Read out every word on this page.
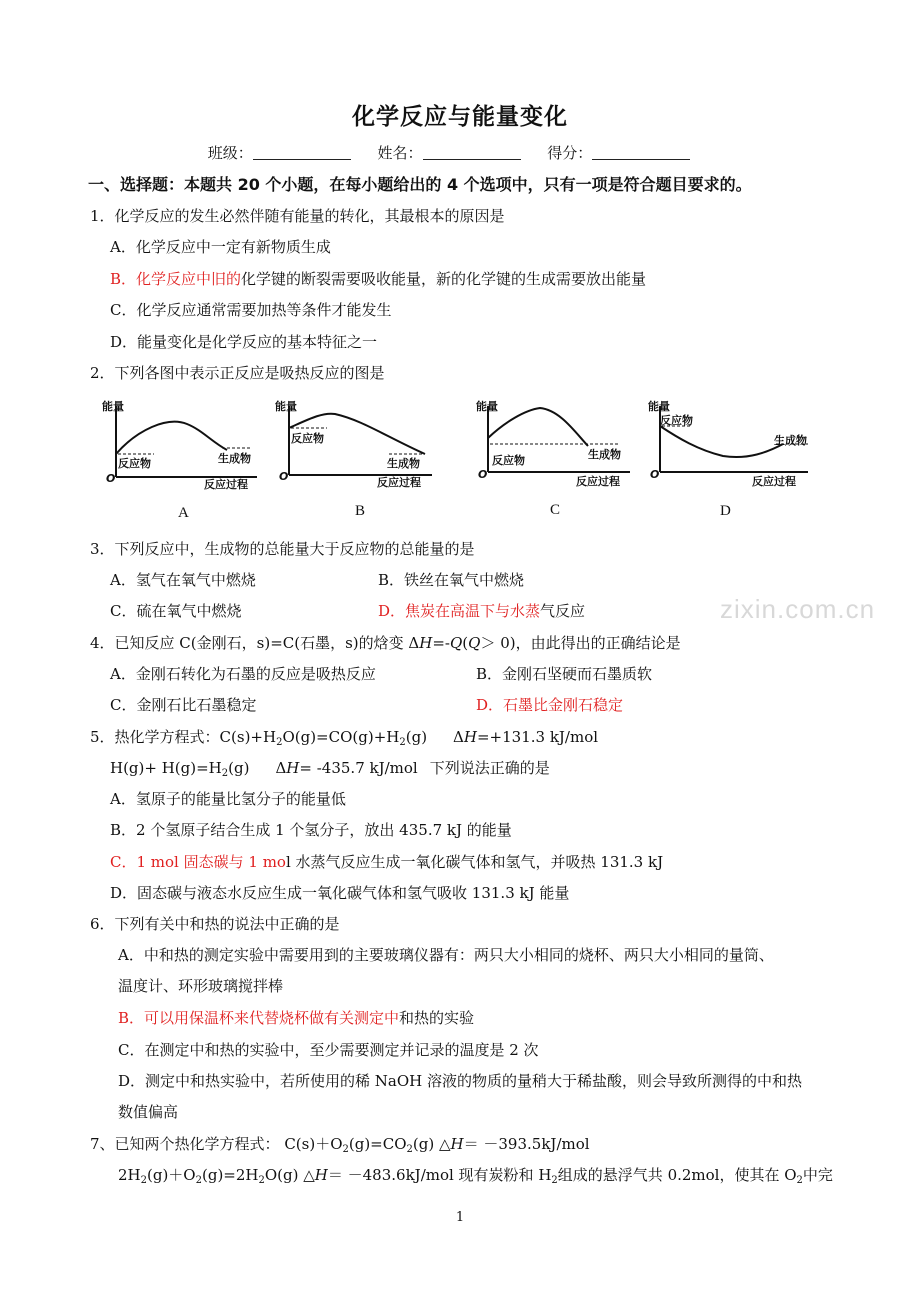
化学反应与能量变化
班级：	姓名：	得分：
一、选择题：本题共 20 个小题，在每小题给出的 4 个选项中，只有一项是符合题目要求的。
1．化学反应的发生必然伴随有能量的转化，其最根本的原因是
A．化学反应中一定有新物质生成
B．化学反应中旧的化学键的断裂需要吸收能量，新的化学键的生成需要放出能量
C．化学反应通常需要加热等条件才能发生
D．能量变化是化学反应的基本特征之一
2．下列各图中表示正反应是吸热反应的图是
能量
反应物	生成物
O	反应过程
A
能量
反应物
生成物
O	反应过程
B
能量
反应物	生成物
O
反应过程
C
能量
反应物
生成物
O
反应过程
D
3．下列反应中，生成物的总能量大于反应物的总能量的是
A．氢气在氧气中燃烧	B．铁丝在氧气中燃烧
C．硫在氧气中燃烧	D．焦炭在高温下与水蒸气反应	zixin.com.cn
4．已知反应 C(金刚石，s)=C(石墨，s)的焓变 ΔH=-Q(Q＞ 0)，由此得出的正确结论是
A．金刚石转化为石墨的反应是吸热反应	B．金刚石坚硬而石墨质软
C．金刚石比石墨稳定	D．石墨比金刚石稳定
5．热化学方程式：$C(s)+H_2O(g)=CO(g)+H_2(g)$ ΔH=+131.3 kJ/mol
$H(g)+ H(g)=H_2(g)$ ΔH= -435.7 kJ/mol 下列说法正确的是
A．氢原子的能量比氢分子的能量低
B．2 个氢原子结合生成 1 个氢分子，放出 435.7 kJ 的能量
C．1 mol 固态碳与 1 mol 水蒸气反应生成一氧化碳气体和氢气，并吸热 131.3 kJ
D．固态碳与液态水反应生成一氧化碳气体和氢气吸收 131.3 kJ 能量
6．下列有关中和热的说法中正确的是
A．中和热的测定实验中需要用到的主要玻璃仪器有：两只大小相同的烧杯、两只大小相同的量筒、
温度计、环形玻璃搅拌棒
B．可以用保温杯来代替烧杯做有关测定中和热的实验
C．在测定中和热的实验中，至少需要测定并记录的温度是 2 次
D．测定中和热实验中，若所使用的稀 NaOH 溶液的物质的量稍大于稀盐酸，则会导致所测得的中和热
数值偏高
7、已知两个热化学方程式： $C(s)+O_2(g)=CO_2(g)$ △H＝ －393.5kJ/mol
$2H_2(g)+O_2(g)=2H_2O(g)$ △H＝ －483.6kJ/mol 现有炭粉和 $H_2$组成的悬浮气共 0.2mol，使其在 $O_2$中完
1
